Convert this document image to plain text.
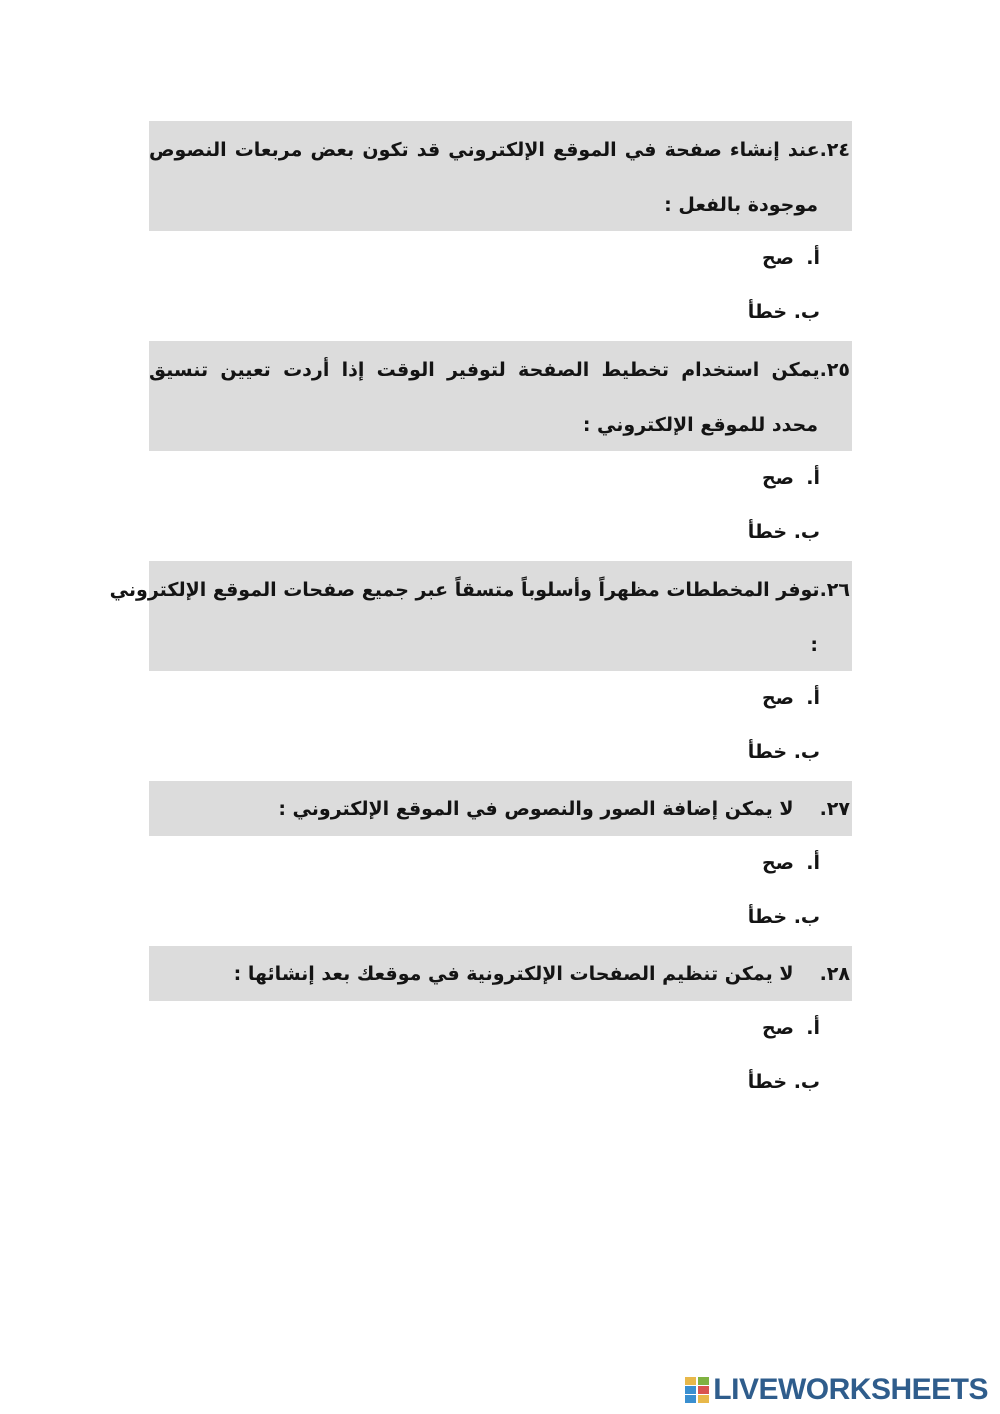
٢٤.عند إنشاء صفحة في الموقع الإلكتروني قد تكون بعض مربعات النصوص
موجودة بالفعل :
أ.صح
ب. خطأ
٢٥.يمكن استخدام تخطيط الصفحة لتوفير الوقت إذا أردت تعيين تنسيق
محدد للموقع الإلكتروني :
أ.صح
ب. خطأ
٢٦.توفر المخططات مظهراً وأسلوباً متسقاً عبر جميع صفحات الموقع الإلكتروني
:
أ.صح
ب. خطأ
٢٧.لا يمكن إضافة الصور والنصوص في الموقع الإلكتروني :
أ.صح
ب. خطأ
٢٨.لا يمكن تنظيم الصفحات الإلكترونية في موقعك بعد إنشائها :
أ.صح
ب. خطأ
LIVEWORKSHEETS
